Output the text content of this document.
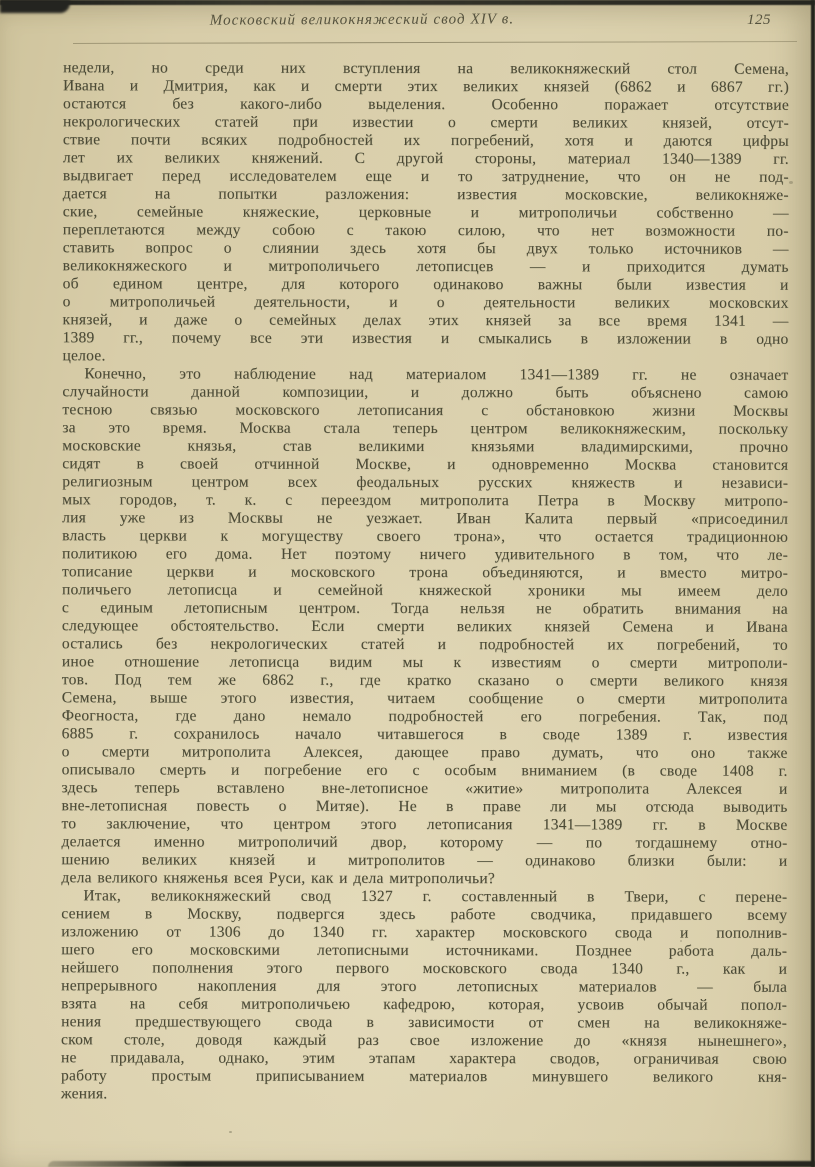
Московский великокняжеский свод XIV в.	125
недели, но среди них вступления на великокняжеский стол Семена,
Ивана и Дмитрия, как и смерти этих великих князей (6862 и 6867 гг.)
остаются без какого-либо выделения. Особенно поражает отсутствие
некрологических статей при известии о смерти великих князей, отсут-
ствие почти всяких подробностей их погребений, хотя и даются цифры
лет их великих княжений. С другой стороны, материал 1340—1389 гг.
выдвигает перед исследователем еще и то затруднение, что он не под-
дается на попытки разложения: известия московские, великокняже-
ские, семейные княжеские, церковные и митрополичьи собственно —
переплетаются между собою с такою силою, что нет возможности по-
ставить вопрос о слиянии здесь хотя бы двух только источников —
великокняжеского и митрополичьего летописцев — и приходится думать
об едином центре, для которого одинаково важны были известия и
о митрополичьей деятельности, и о деятельности великих московских
князей, и даже о семейных делах этих князей за все время 1341 —
1389 гг., почему все эти известия и смыкались в изложении в одно
целое.
Конечно, это наблюдение над материалом 1341—1389 гг. не означает
случайности данной композиции, и должно быть объяснено самою
тесною связью московского летописания с обстановкою жизни Москвы
за это время. Москва стала теперь центром великокняжеским, поскольку
московские князья, став великими князьями владимирскими, прочно
сидят в своей отчинной Москве, и одновременно Москва становится
религиозным центром всех феодальных русских княжеств и независи-
мых городов, т. к. с переездом митрополита Петра в Москву митропо-
лия уже из Москвы не уезжает. Иван Калита первый «присоединил
власть церкви к могуществу своего трона», что остается традиционною
политикою его дома. Нет поэтому ничего удивительного в том, что ле-
тописание церкви и московского трона объединяются, и вместо митро-
поличьего летописца и семейной княжеской хроники мы имеем дело
с единым летописным центром. Тогда нельзя не обратить внимания на
следующее обстоятельство. Если смерти великих князей Семена и Ивана
остались без некрологических статей и подробностей их погребений, то
иное отношение летописца видим мы к известиям о смерти митрополи-
тов. Под тем же 6862 г., где кратко сказано о смерти великого князя
Семена, выше этого известия, читаем сообщение о смерти митрополита
Феогноста, где дано немало подробностей его погребения. Так, под
6885 г. сохранилось начало читавшегося в своде 1389 г. известия
о смерти митрополита Алексея, дающее право думать, что оно также
описывало смерть и погребение его с особым вниманием (в своде 1408 г.
здесь теперь вставлено вне-летописное «житие» митрополита Алексея и
вне-летописная повесть о Митяе). Не в праве ли мы отсюда выводить
то заключение, что центром этого летописания 1341—1389 гг. в Москве
делается именно митрополичий двор, которому — по тогдашнему отно-
шению великих князей и митрополитов — одинаково близки были: и
дела великого княженья всея Руси, как и дела митрополичьи?
Итак, великокняжеский свод 1327 г. составленный в Твери, с перене-
сением в Москву, подвергся здесь работе сводчика, придавшего всему
изложению от 1306 до 1340 гг. характер московского свода и пополнив-
шего его московскими летописными источниками. Позднее работа даль-
нейшего пополнения этого первого московского свода 1340 г., как и
непрерывного накопления для этого летописных материалов — была
взята на себя митрополичьею кафедрою, которая, усвоив обычай попол-
нения предшествующего свода в зависимости от смен на великокняже-
ском столе, доводя каждый раз свое изложение до «князя нынешнего»,
не придавала, однако, этим этапам характера сводов, ограничивая свою
работу простым приписыванием материалов минувшего великого кня-
жения.
